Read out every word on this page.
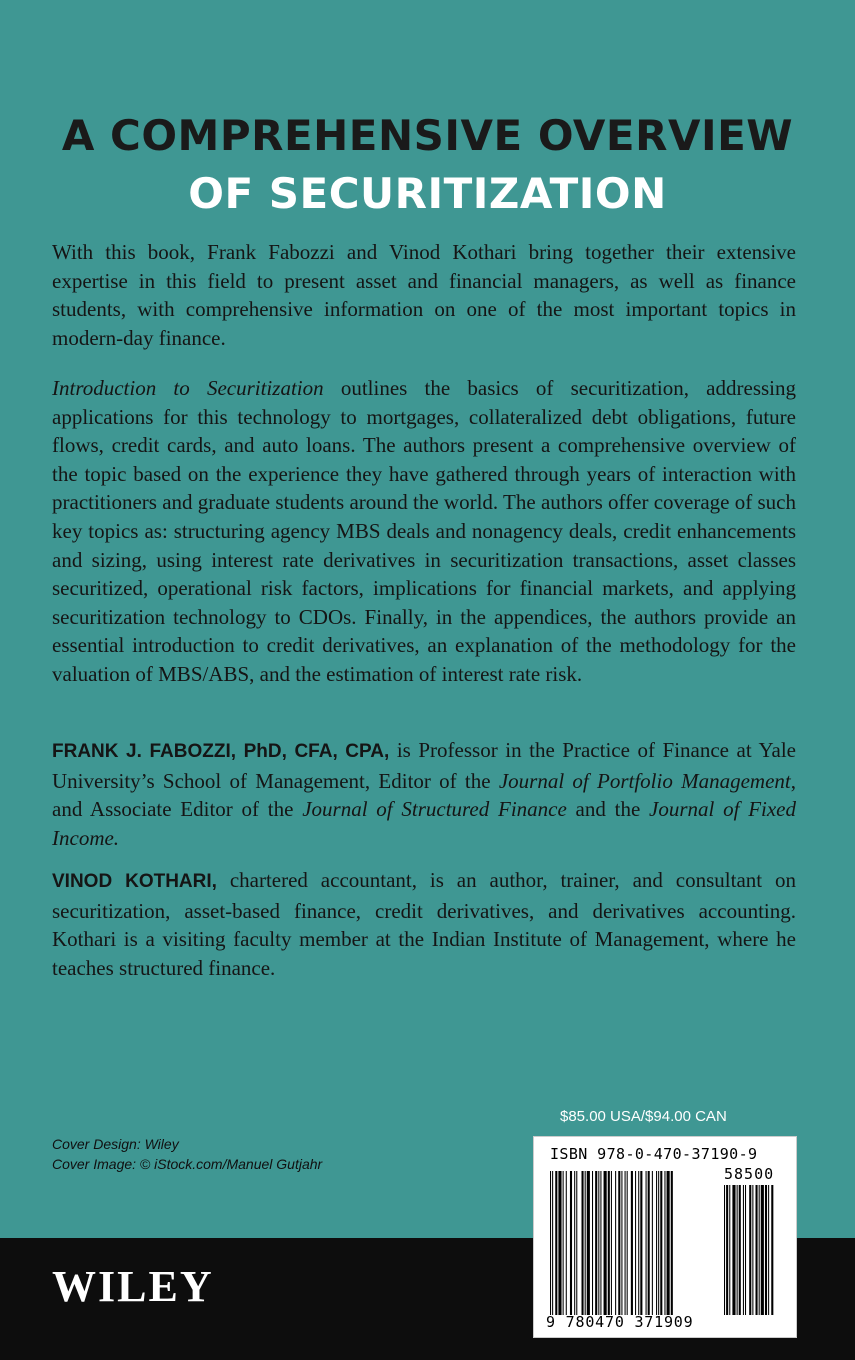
A COMPREHENSIVE OVERVIEW
OF SECURITIZATION

With this book, Frank Fabozzi and Vinod Kothari bring together their extensive expertise in this field to present asset and financial managers, as well as finance students, with comprehensive information on one of the most important topics in modern-day finance.

Introduction to Securitization outlines the basics of securitization, addressing applications for this technology to mortgages, collateralized debt obligations, future flows, credit cards, and auto loans. The authors present a comprehensive overview of the topic based on the experience they have gathered through years of interaction with practitioners and graduate students around the world. The authors offer coverage of such key topics as: structuring agency MBS deals and nonagency deals, credit enhancements and sizing, using interest rate derivatives in securitization transactions, asset classes securitized, operational risk factors, implications for financial markets, and applying securitization technology to CDOs. Finally, in the appendices, the authors provide an essential introduction to credit derivatives, an explanation of the methodology for the valuation of MBS/ABS, and the estimation of interest rate risk.

FRANK J. FABOZZI, PhD, CFA, CPA, is Professor in the Practice of Finance at Yale University’s School of Management, Editor of the Journal of Portfolio Management, and Associate Editor of the Journal of Structured Finance and the Journal of Fixed Income.

VINOD KOTHARI, chartered accountant, is an author, trainer, and consultant on securitization, asset-based finance, credit derivatives, and derivatives accounting. Kothari is a visiting faculty member at the Indian Institute of Management, where he teaches structured finance.

Cover Design: Wiley
Cover Image: © iStock.com/Manuel Gutjahr
$85.00 USA/$94.00 CAN
WILEY
ISBN 978-0-470-37190-9
58500
9 780470 371909
